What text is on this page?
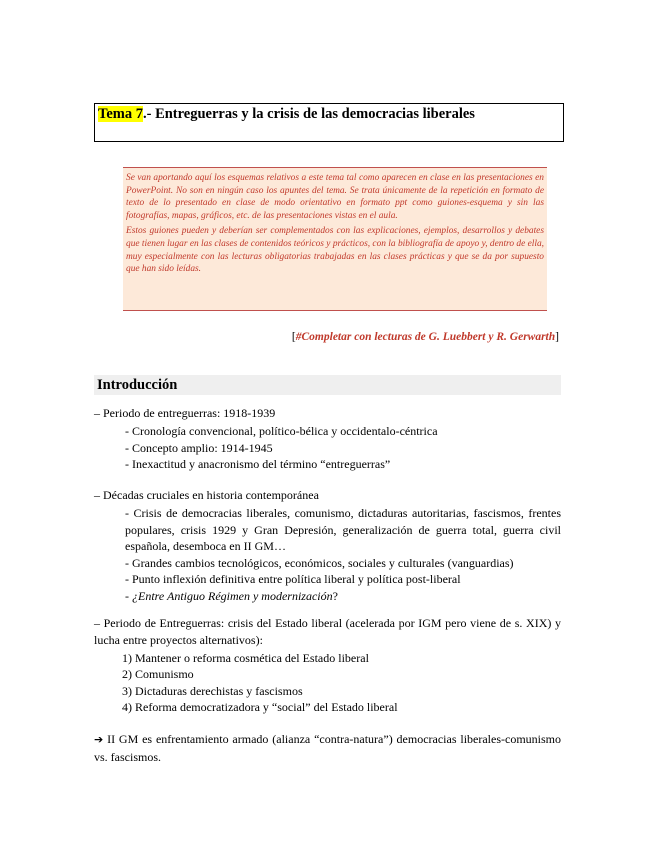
Tema 7.- Entreguerras y la crisis de las democracias liberales

Se van aportando aquí los esquemas relativos a este tema tal como aparecen en clase en las presentaciones en PowerPoint. No son en ningún caso los apuntes del tema. Se trata únicamente de la repetición en formato de texto de lo presentado en clase de modo orientativo en formato ppt como guiones-esquema y sin las fotografías, mapas, gráficos, etc. de las presentaciones vistas en el aula.

Estos guiones pueden y deberían ser complementados con las explicaciones, ejemplos, desarrollos y debates que tienen lugar en las clases de contenidos teóricos y prácticos, con la bibliografía de apoyo y, dentro de ella, muy especialmente con las lecturas obligatorias trabajadas en las clases prácticas y que se da por supuesto que han sido leídas.

[#Completar con lecturas de G. Luebbert y R. Gerwarth]
Introducción

– Periodo de entreguerras: 1918-1939

- Cronología convencional, político-bélica y occidentalo-céntrica

- Concepto amplio: 1914-1945

- Inexactitud y anacronismo del término “entreguerras”

– Décadas cruciales en historia contemporánea

- Crisis de democracias liberales, comunismo, dictaduras autoritarias, fascismos, frentes populares, crisis 1929 y Gran Depresión, generalización de guerra total, guerra civil española, desemboca en II GM…

- Grandes cambios tecnológicos, económicos, sociales y culturales (vanguardias)

- Punto inflexión definitiva entre política liberal y política post-liberal

- ¿Entre Antiguo Régimen y modernización?

– Periodo de Entreguerras: crisis del Estado liberal (acelerada por IGM pero viene de s. XIX) y lucha entre proyectos alternativos):

1) Mantener o reforma cosmética del Estado liberal

2) Comunismo

3) Dictaduras derechistas y fascismos

4) Reforma democratizadora y “social” del Estado liberal

➔ II GM es enfrentamiento armado (alianza “contra-natura”) democracias liberales-comunismo vs. fascismos.
